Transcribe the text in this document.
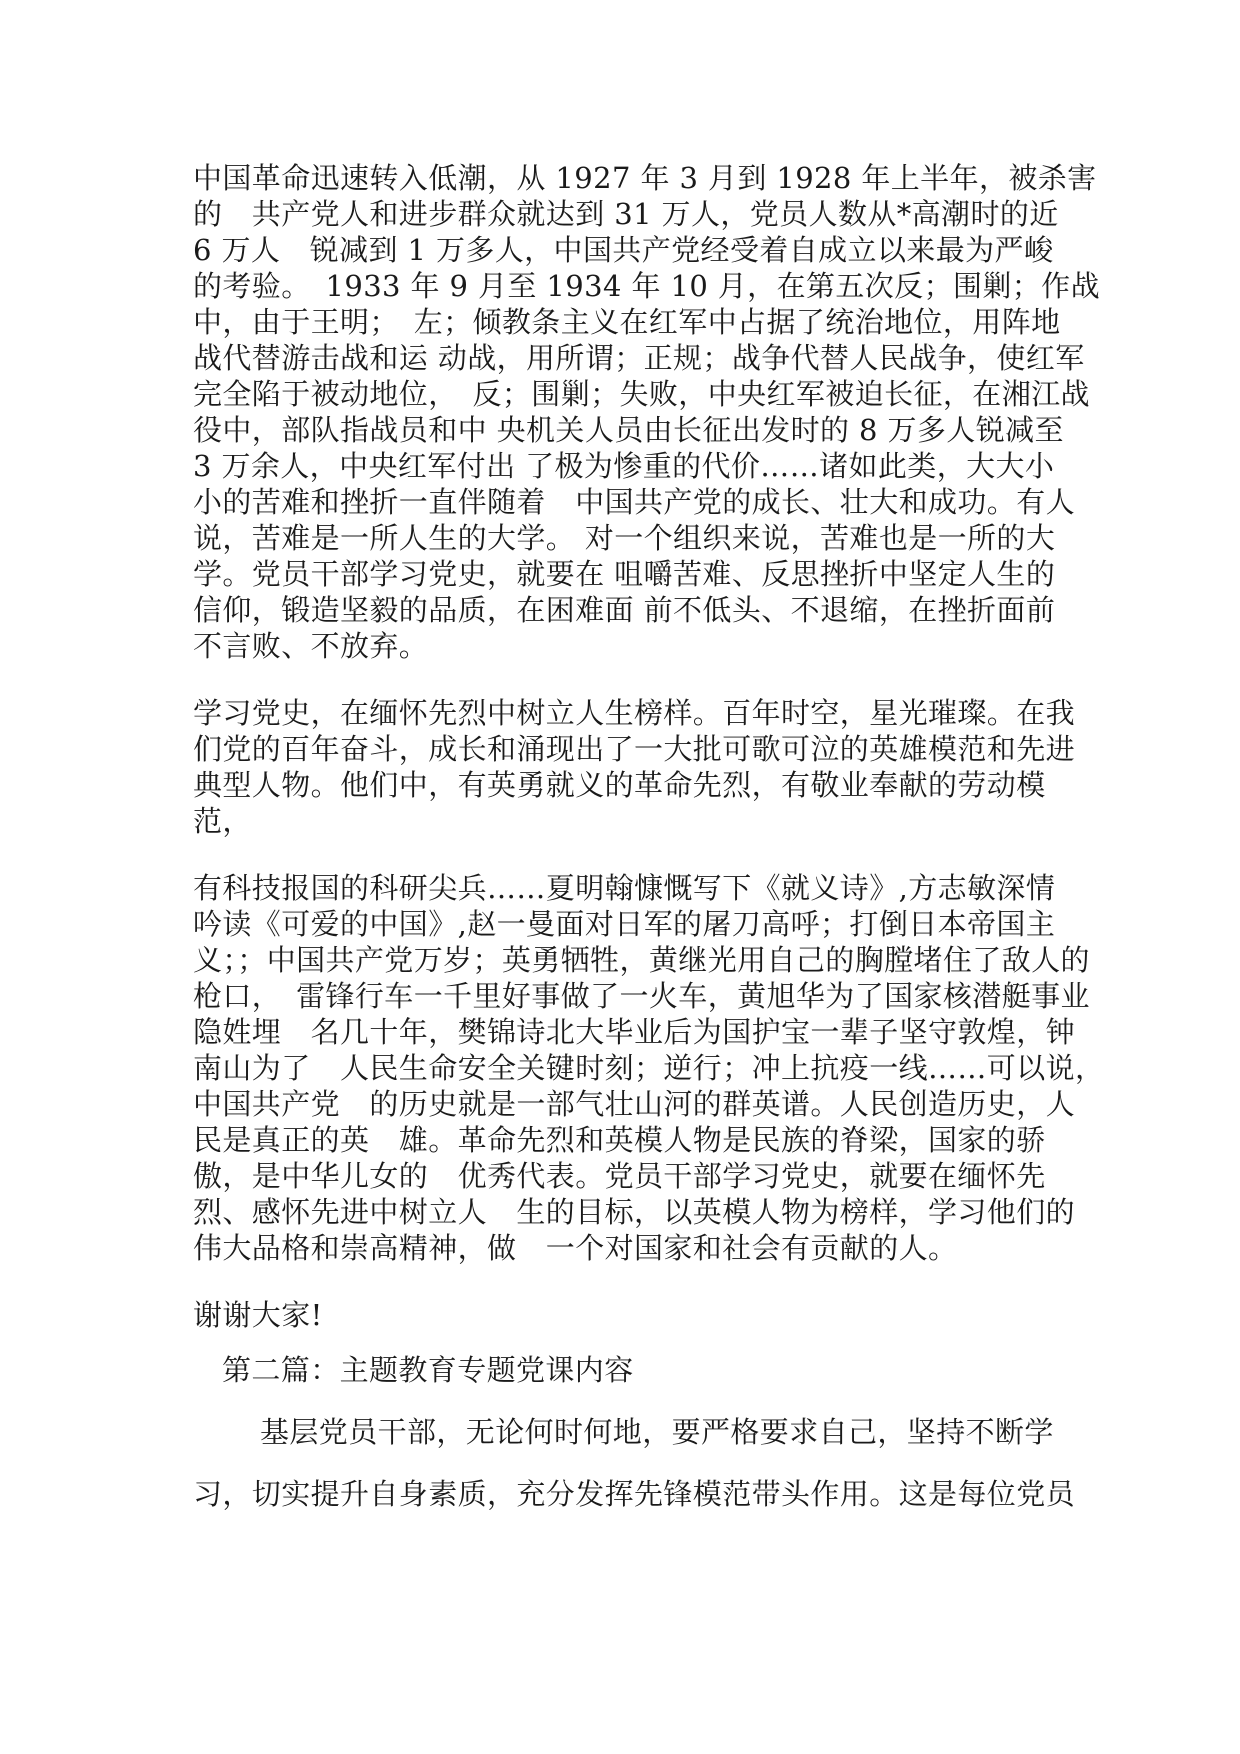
中国革命迅速转入低潮，从 1927 年 3 月到 1928 年上半年，被杀害
的　共产党人和进步群众就达到 31 万人，党员人数从*高潮时的近
6 万人　锐减到 1 万多人，中国共产党经受着自成立以来最为严峻
的考验。　1933 年 9 月至 1934 年 10 月，在第五次反；围剿；作战
中，由于王明；　左；倾教条主义在红军中占据了统治地位，用阵地
战代替游击战和运 动战，用所谓；正规；战争代替人民战争，使红军
完全陷于被动地位，　反；围剿；失败，中央红军被迫长征，在湘江战
役中，部队指战员和中 央机关人员由长征出发时的 8 万多人锐减至
3 万余人，中央红军付出 了极为惨重的代价……诸如此类，大大小
小的苦难和挫折一直伴随着　中国共产党的成长、壮大和成功。有人
说，苦难是一所人生的大学。 对一个组织来说，苦难也是一所的大
学。党员干部学习党史，就要在 咀嚼苦难、反思挫折中坚定人生的
信仰，锻造坚毅的品质，在困难面 前不低头、不退缩，在挫折面前
不言败、不放弃。
学习党史，在缅怀先烈中树立人生榜样。百年时空，星光璀璨。在我
们党的百年奋斗，成长和涌现出了一大批可歌可泣的英雄模范和先进
典型人物。他们中，有英勇就义的革命先烈，有敬业奉献的劳动模
范，
有科技报国的科研尖兵……夏明翰慷慨写下《就义诗》,方志敏深情
吟读《可爱的中国》,赵一曼面对日军的屠刀高呼；打倒日本帝国主
义；；中国共产党万岁；英勇牺牲，黄继光用自己的胸膛堵住了敌人的
枪口，　雷锋行车一千里好事做了一火车，黄旭华为了国家核潜艇事业
隐姓埋　名几十年，樊锦诗北大毕业后为国护宝一辈子坚守敦煌，钟
南山为了　人民生命安全关键时刻；逆行；冲上抗疫一线……可以说，
中国共产党　的历史就是一部气壮山河的群英谱。人民创造历史，人
民是真正的英　雄。革命先烈和英模人物是民族的脊梁，国家的骄
傲，是中华儿女的　优秀代表。党员干部学习党史，就要在缅怀先
烈、感怀先进中树立人　生的目标，以英模人物为榜样，学习他们的
伟大品格和崇高精神，做　一个对国家和社会有贡献的人。
谢谢大家!
第二篇：主题教育专题党课内容
基层党员干部，无论何时何地，要严格要求自己，坚持不断学
习，切实提升自身素质，充分发挥先锋模范带头作用。这是每位党员
